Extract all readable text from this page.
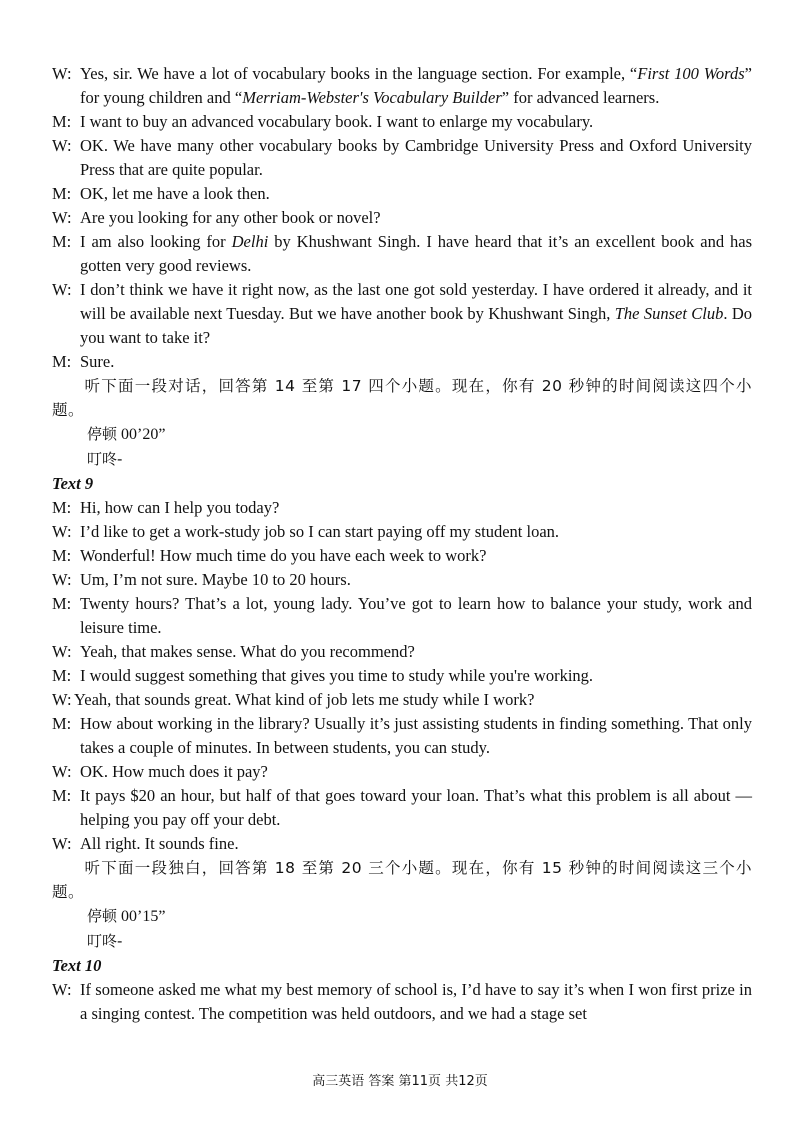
W: Yes, sir. We have a lot of vocabulary books in the language section. For example, “First 100 Words” for young children and “Merriam-Webster's Vocabulary Builder” for advanced learners.
M: I want to buy an advanced vocabulary book. I want to enlarge my vocabulary.
W: OK. We have many other vocabulary books by Cambridge University Press and Oxford University Press that are quite popular.
M: OK, let me have a look then.
W: Are you looking for any other book or novel?
M: I am also looking for Delhi by Khushwant Singh. I have heard that it’s an excellent book and has gotten very good reviews.
W: I don’t think we have it right now, as the last one got sold yesterday. I have ordered it already, and it will be available next Tuesday. But we have another book by Khushwant Singh, The Sunset Club. Do you want to take it?
M: Sure.

听下面一段对话，回答第 14 至第 17 四个小题。现在，你有 20 秒钟的时间阅读这四个小题。

停顿 00’20”

叮咚-

Text 9

M: Hi, how can I help you today?
W: I’d like to get a work-study job so I can start paying off my student loan.
M: Wonderful! How much time do you have each week to work?
W: Um, I’m not sure. Maybe 10 to 20 hours.
M: Twenty hours? That’s a lot, young lady. You’ve got to learn how to balance your study, work and leisure time.
W: Yeah, that makes sense. What do you recommend?
M: I would suggest something that gives you time to study while you're working.
W: Yeah, that sounds great. What kind of job lets me study while I work?
M: How about working in the library? Usually it’s just assisting students in finding something. That only takes a couple of minutes. In between students, you can study.
W: OK. How much does it pay?
M: It pays $20 an hour, but half of that goes toward your loan. That’s what this problem is all about — helping you pay off your debt.
W: All right. It sounds fine.

听下面一段独白，回答第 18 至第 20 三个小题。现在，你有 15 秒钟的时间阅读这三个小题。

停顿 00’15”

叮咚-

Text 10

W: If someone asked me what my best memory of school is, I’d have to say it’s when I won first prize in a singing contest. The competition was held outdoors, and we had a stage set
高三英语 答案 第11页 共12页
